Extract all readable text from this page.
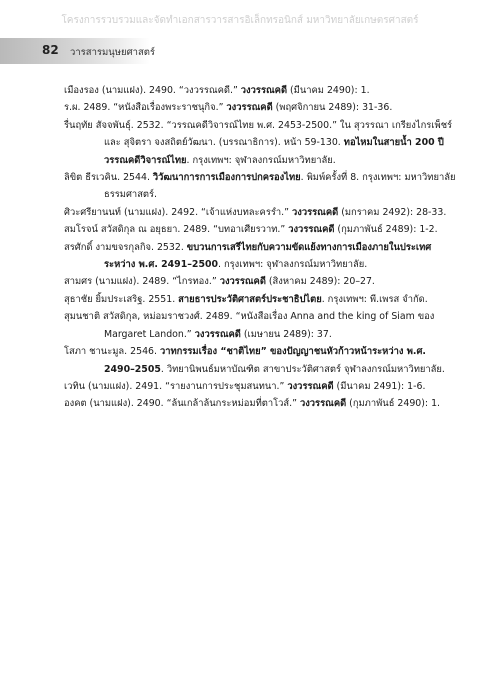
โครงการรวบรวมและจัดทำเอกสารวารสารอิเล็กทรอนิกส์ มหาวิทยาลัยเกษตรศาสตร์
82 วารสารมนุษยศาสตร์

เมืองรอง (นามแฝง). 2490. “วงวรรณคดี.” วงวรรณคดี (มีนาคม 2490): 1.

ร.ผ. 2489. “หนังสือเรื่องพระราชนุกิจ.” วงวรรณคดี (พฤศจิกายน 2489): 31-36.

รื่นฤทัย สัจจพันธุ์. 2532. “วรรณคดีวิจารณ์ไทย พ.ศ. 2453-2500.” ใน สุวรรณา เกรียงไกรเพ็ชร์ และ สุจิตรา จงสถิตย์วัฒนา. (บรรณาธิการ). หน้า 59-130. ทอไหมในสายน้ำ 200 ปี วรรณคดีวิจารณ์ไทย. กรุงเทพฯ: จุฬาลงกรณ์มหาวิทยาลัย.

ลิขิต ธีรเวคิน. 2544. วิวัฒนาการการเมืองการปกครองไทย. พิมพ์ครั้งที่ 8. กรุงเทพฯ: มหาวิทยาลัยธรรมศาสตร์.

ศิวะศรียานนท์ (นามแฝง). 2492. “เจ้าแห่งบทละครรำ.” วงวรรณคดี (มกราคม 2492): 28-33.

สมโรจน์ สวัสดิกุล ณ อยุธยา. 2489. “บทอาเศียรวาท.” วงวรรณคดี (กุมภาพันธ์ 2489): 1-2.

สรศักดิ์ งามขจรกุลกิจ. 2532. ขบวนการเสรีไทยกับความขัดแย้งทางการเมืองภายในประเทศระหว่าง พ.ศ. 2491–2500. กรุงเทพฯ: จุฬาลงกรณ์มหาวิทยาลัย.

สามศร (นามแฝง). 2489. “ไกรทอง.” วงวรรณคดี (สิงหาคม 2489): 20–27.

สุธาชัย ยิ้มประเสริฐ. 2551. สายธารประวัติศาสตร์ประชาธิปไตย. กรุงเทพฯ: พี.เพรส จำกัด.

สุมนชาติ สวัสดิกุล, หม่อมราชวงศ์. 2489. “หนังสือเรื่อง Anna and the king of Siam ของ Margaret Landon.” วงวรรณคดี (เมษายน 2489): 37.

โสภา ชานะมูล. 2546. วาทกรรมเรื่อง “ชาติไทย” ของปัญญาชนหัวก้าวหน้าระหว่าง พ.ศ. 2490–2505. วิทยานิพนธ์มหาบัณฑิต สาขาประวัติศาสตร์ จุฬาลงกรณ์มหาวิทยาลัย.

เวทิน (นามแฝง). 2491. “รายงานการประชุมสนทนา.” วงวรรณคดี (มีนาคม 2491): 1-6.

องคต (นามแฝง). 2490. “ล้นเกล้าล้นกระหม่อมที่ตาโวส์.” วงวรรณคดี (กุมภาพันธ์ 2490): 1.
